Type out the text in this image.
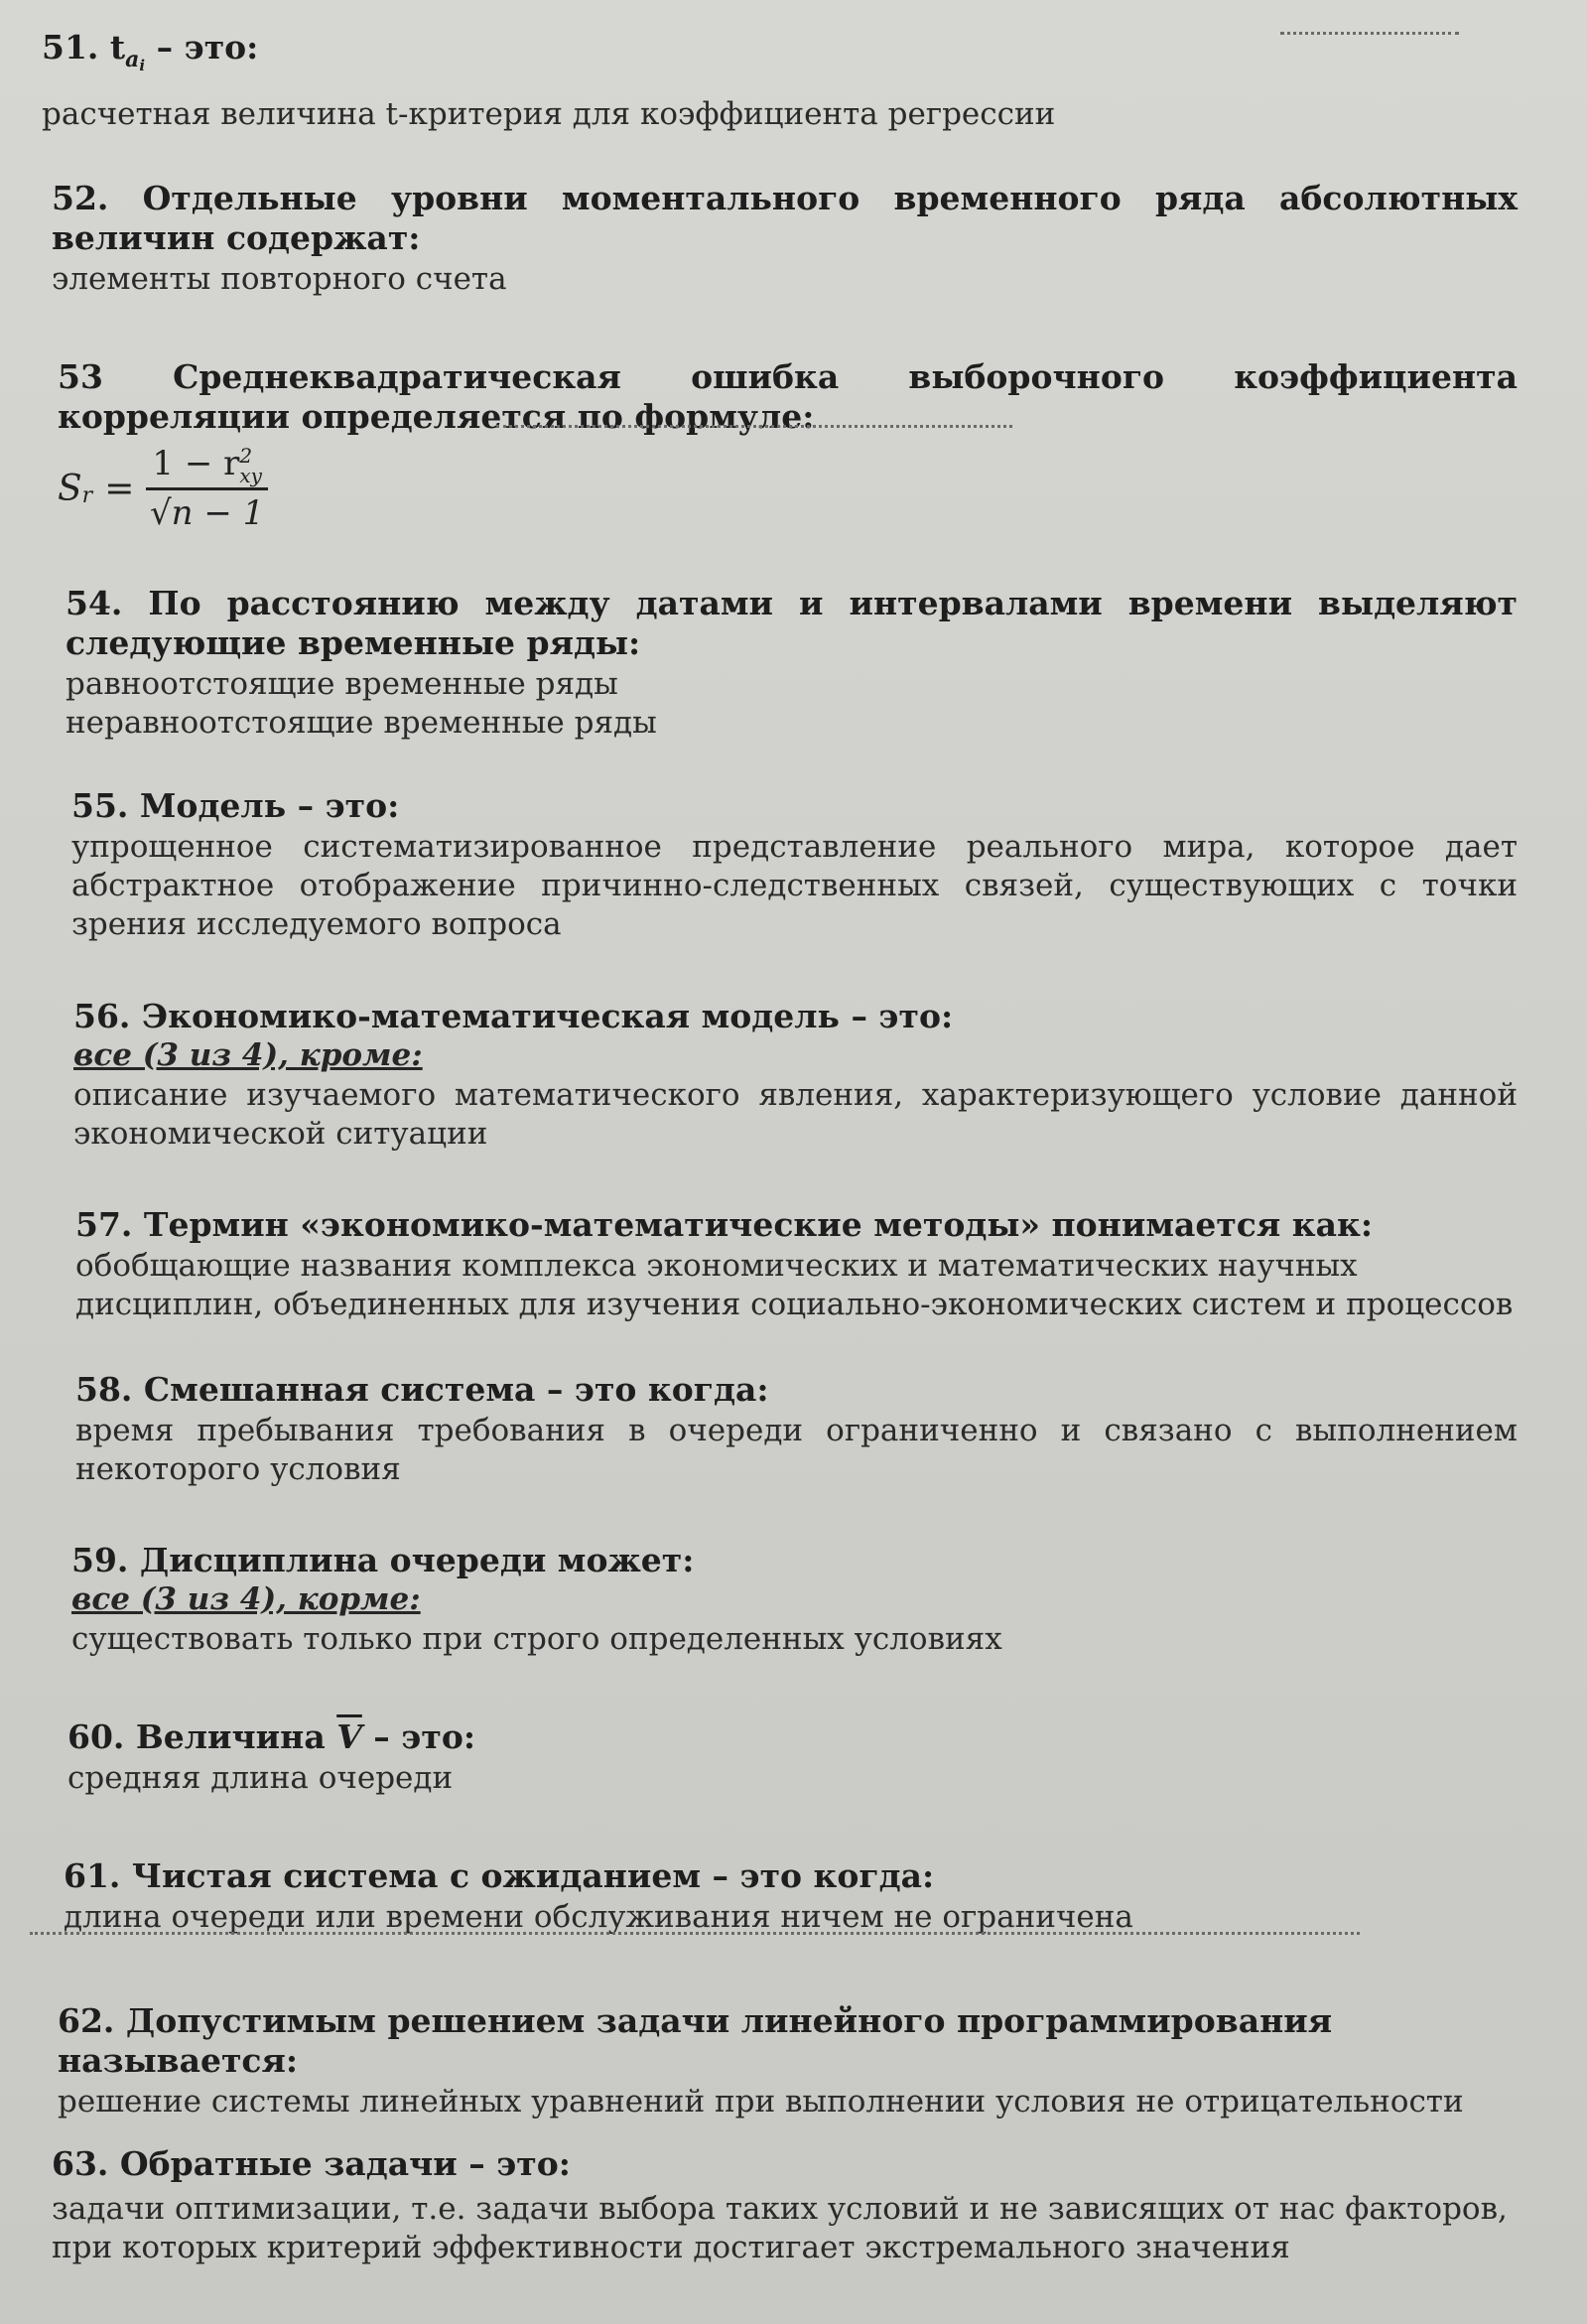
51. $t_{ai}$ – это:

расчетная величина t-критерия для коэффициента регрессии

52. Отдельные уровни моментального временного ряда абсолютных величин содержат:

элементы повторного счета

53 Среднеквадратическая ошибка выборочного коэффициента корреляции определяется по формуле:

S r = 1 − r 2
xy
√n − 1

54. По расстоянию между датами и интервалами времени выделяют следующие временные ряды:

равноотстоящие временные ряды

неравноотстоящие временные ряды

55. Модель – это:

упрощенное систематизированное представление реального мира, которое дает абстрактное отображение причинно-следственных связей, существующих с точки зрения исследуемого вопроса

56. Экономико-математическая модель – это:

все (3 из 4), кроме:

описание изучаемого математического явления, характеризующего условие данной экономической ситуации

57. Термин «экономико-математические методы» понимается как:

обобщающие названия комплекса экономических и математических научных дисциплин, объединенных для изучения социально-экономических систем и процессов

58. Смешанная система – это когда:

время пребывания требования в очереди ограниченно и связано с выполнением некоторого условия

59. Дисциплина очереди может:

все (3 из 4), корме:

существовать только при строго определенных условиях

60. Величина $\overline{V}$ – это:

средняя длина очереди

61. Чистая система с ожиданием – это когда:

длина очереди или времени обслуживания ничем не ограничена

62. Допустимым решением задачи линейного программирования называется:

решение системы линейных уравнений при выполнении условия не отрицательности

63. Обратные задачи – это:

задачи оптимизации, т.е. задачи выбора таких условий и не зависящих от нас факторов, при которых критерий эффективности достигает экстремального значения
